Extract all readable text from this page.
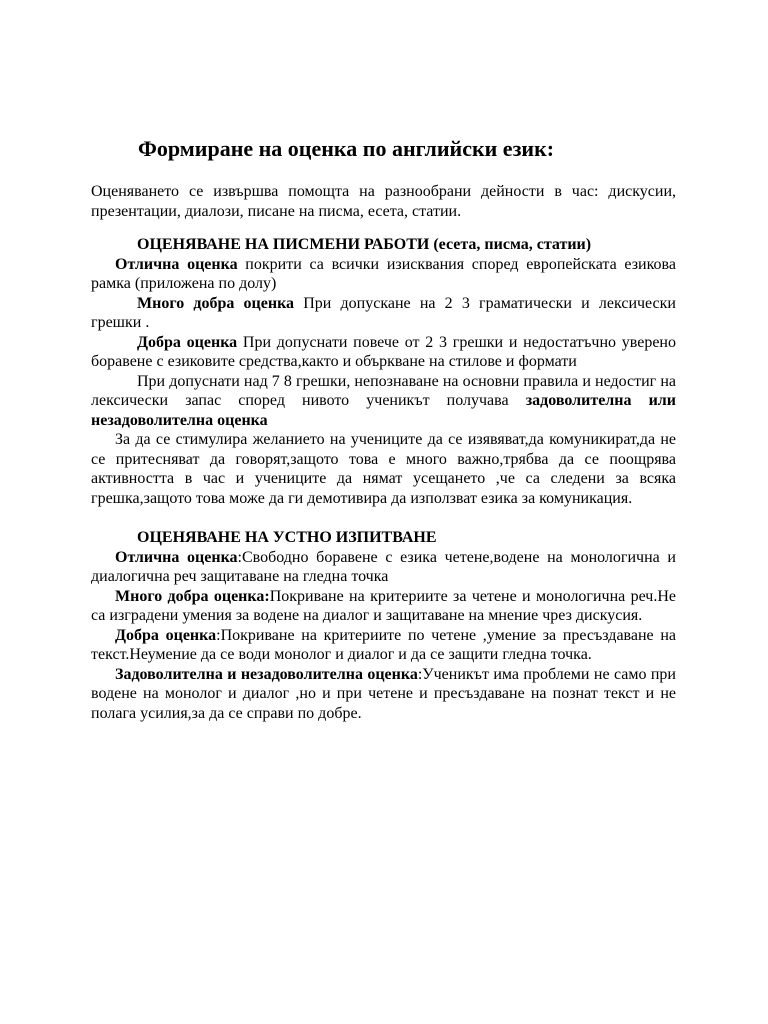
Формиране на оценка по английски език:

Оценяването се извършва помощта на разнообрани дейности в час: дискусии, презентации, диалози, писане на писма, есета, статии.

ОЦЕНЯВАНЕ НА ПИСМЕНИ РАБОТИ (есета, писма, статии)

Отлична оценка покрити са всички изисквания според европейската езикова рамка (приложена по долу)

Много добра оценка При допускане на 2 3 граматически и лексически грешки .

Добра оценка При допуснати повече от 2 3 грешки и недостатъчно уверено боравене с езиковите средства,както и объркване на стилове и формати

При допуснати над 7 8 грешки, непознаване на основни правила и недостиг на лексически запас според нивото ученикът получава задоволителна или незадоволителна оценка

За да се стимулира желанието на учениците да се изявяват,да комуникират,да не се притесняват да говорят,защото това е много важно,трябва да се поощрява активността в час и учениците да нямат усещането ,че са следени за всяка грешка,защото това може да ги демотивира да използват езика за комуникация.

ОЦЕНЯВАНЕ НА УСТНО ИЗПИТВАНЕ

Отлична оценка:Свободно боравене с езика четене,водене на монологична и диалогична реч защитаване на гледна точка

Много добра оценка:Покриване на критериите за четене и монологична реч.Не са изградени умения за водене на диалог и защитаване на мнение чрез дискусия.

Добра оценка:Покриване на критериите по четене ,умение за пресъздаване на текст.Неумение да се води монолог и диалог и да се защити гледна точка.

Задоволителна и незадоволителна оценка:Ученикът има проблеми не само при водене на монолог и диалог ,но и при четене и пресъздаване на познат текст и не полага усилия,за да се справи по добре.
